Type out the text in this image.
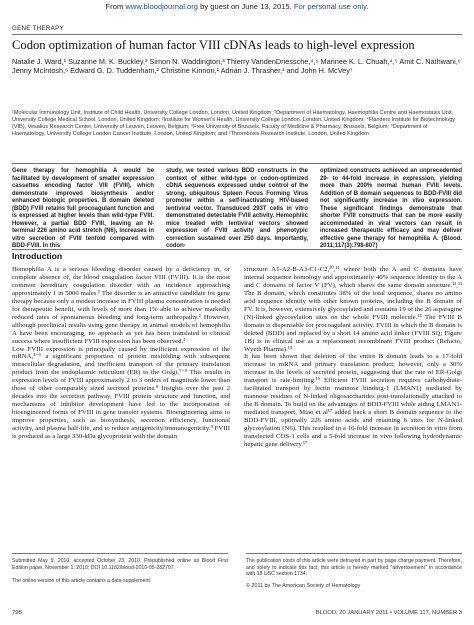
From www.bloodjournal.org by guest on June 13, 2015. For personal use only.
GENE THERAPY
Codon optimization of human factor VIII cDNAs leads to high-level expression

Natalie J. Ward,¹ Suzanne M. K. Buckley,² Simon N. Waddington,³ Thierry VandenDriessche,⁴,⁵ Marinee K. L. Chuah,⁴,⁵ Amit C. Nathwani,⁶ Jenny McIntosh,⁶ Edward G. D. Tuddenham,² Christine Kinnon,¹ Adrian J. Thrasher,¹ and John H. McVey⁷

¹Molecular Immunology Unit, Institute of Child Health, University College London, London, United Kingdom; ²Department of Haematology, Haemophilia Centre and Haemostasis Unit, University College Medical School, London, United Kingdom; ³Institute for Women's Health, University College London, London, United Kingdom; ⁴Flanders Institute for Biotechnology (VIB), Vesalius Research Center, University of Leuven, Leuven, Belgium; ⁵Free University of Brussels, Faculty of Medicine & Pharmacy, Brussels, Belgium; ⁶Department of Haematology, University College London Cancer Institute, London, United Kingdom; and ⁷Thrombosis Research Institute, London, United Kingdom

Gene therapy for hemophilia A would be facilitated by development of smaller expression cassettes encoding factor VIII (FVIII), which demonstrate improved biosynthesis and/or enhanced biologic properties. B domain deleted (BDD) FVIII retains full procoagulant function and is expressed at higher levels than wild-type FVIII. However, a partial BDD FVIII, leaving an N-terminal 226 amino acid stretch (N6), increases in vitro secretion of FVIII tenfold compared with BDD-FVIII. In this

study, we tested various BDD constructs in the context of either wild-type or codon-optimized cDNA sequences expressed under control of the strong, ubiquitous Spleen Focus Forming Virus promoter within a self-inactivating HIV-based lentiviral vector. Transduced 293T cells in vitro demonstrated detectable FVIII activity. Hemophilic mice treated with lentiviral vectors showed expression of FVIII activity and phenotypic correction sustained over 250 days. Importantly, codon-

optimized constructs achieved an unprecedented 29- to 44-fold increase in expression, yielding more than 200% normal human FVIII levels. Addition of B domain sequences to BDD-FVIII did not significantly increase in vivo expression. These significant findings demonstrate that shorter FVIII constructs that can be more easily accommodated in viral vectors can result in increased therapeutic efficacy and may deliver effective gene therapy for hemophilia A. (Blood. 2011;117(3):798-807)

Introduction

Hemophilia A is a serious bleeding disorder caused by a deficiency in, or complete absence of, the blood coagulation factor VIII (FVIII). It is the most common hereditary coagulation disorder with an incidence approaching approximately 1 in 5000 males.¹ The disorder is an attractive candidate for gene therapy because only a modest increase in FVIII plasma concentration is needed for therapeutic benefit, with levels of more than 1% able to achieve markedly reduced rates of spontaneous bleeding and long-term arthropathy.² However, although preclinical results using gene therapy in animal models of hemophilia A have been encouraging, no approach as yet has been translated to clinical success where insufficient FVIII expression has been observed.³
Low FVIII expression is principally caused by inefficient expression of the mRNA,⁴⁻⁶ a significant proportion of protein misfolding with subsequent intracellular degradation, and inefficient transport of the primary translation product from the endoplasmic reticulum (ER) to the Golgi.⁷⁻⁹ This results in expression levels of FVIII approximately 2 to 3 orders of magnitude lower than those of other comparably sized secreted proteins.⁸ Insights over the past 2 decades into the secretion pathway, FVIII protein structure and function, and mechanisms of inhibitor development have led to the incorporation of bioengineered forms of FVIII in gene transfer systems. Bioengineering aims to improve properties, such as biosynthesis, secretion efficiency, functional activity, and plasma half-life, and to reduce antigenicity/immunogenicity.⁹ FVIII is produced as a large 330-kDa glycoprotein with the domain

structure A1-A2-B-A3-C1-C2,¹⁰,¹¹ where both the A and C domains have internal sequence homology and approximately 40% sequence identity to the A and C domains of factor V (FV), which shares the same domain structure.¹²,¹³ The B domain, which constitutes 38% of the total sequence, shares no amino acid sequence identity with other known proteins, including the B domain of FV. It is, however, extensively glycosylated and contains 19 of the 26 asparagine (N)-linked glycosylation sites on the whole FVIII molecule.¹⁴ The FVIII B domain is dispensable for procoagulant activity. FVIII in which the B domain is deleted (BDD) and replaced by a short 14 amino acid linker (FVIII SQ; Figure 1B) is in clinical use as a replacement recombinant FVIII product (Refacto, Wyeth Pharma).¹⁵
It has been shown that deletion of the entire B domain leads to a 17-fold increase in mRNA and primary translation product; however, only a 30% increase in the levels of secreted protein, suggesting that the rate of ER-Golgi transport is rate-limiting.¹⁶ Efficient FVIII secretion requires carbohydrate-facilitated transport by lectin mannose binding-1 (LMAN1) mediated by mannose residues of N-linked oligosaccharides post-translationally attached to the B domain. To build on the advantages of BDD-FVIII while aiding LMAN1-mediated transport, Miao et al¹⁷ added back a short B domain sequence to the BDD-FVIII, optimally 226 amino acids and retaining 6 sites for N-linked glycosylation (N6). This resulted in a 10-fold increase in secretion in vitro from transfected COS-1 cells and a 5-fold increase in vivo following hydrodynamic hepatic gene delivery.¹⁷

Submitted May 9, 2010; accepted October 23, 2010. Prepublished online as Blood First Edition paper, November 1, 2010; DOI 10.1182/blood-2010-05-282707.

The online version of this article contains a data supplement.

The publication costs of this article were defrayed in part by page charge payment. Therefore, and solely to indicate this fact, this article is hereby marked "advertisement" in accordance with 18 USC section 1734.

© 2011 by The American Society of Hematology

798	BLOOD, 20 JANUARY 2011 • VOLUME 117, NUMBER 3
